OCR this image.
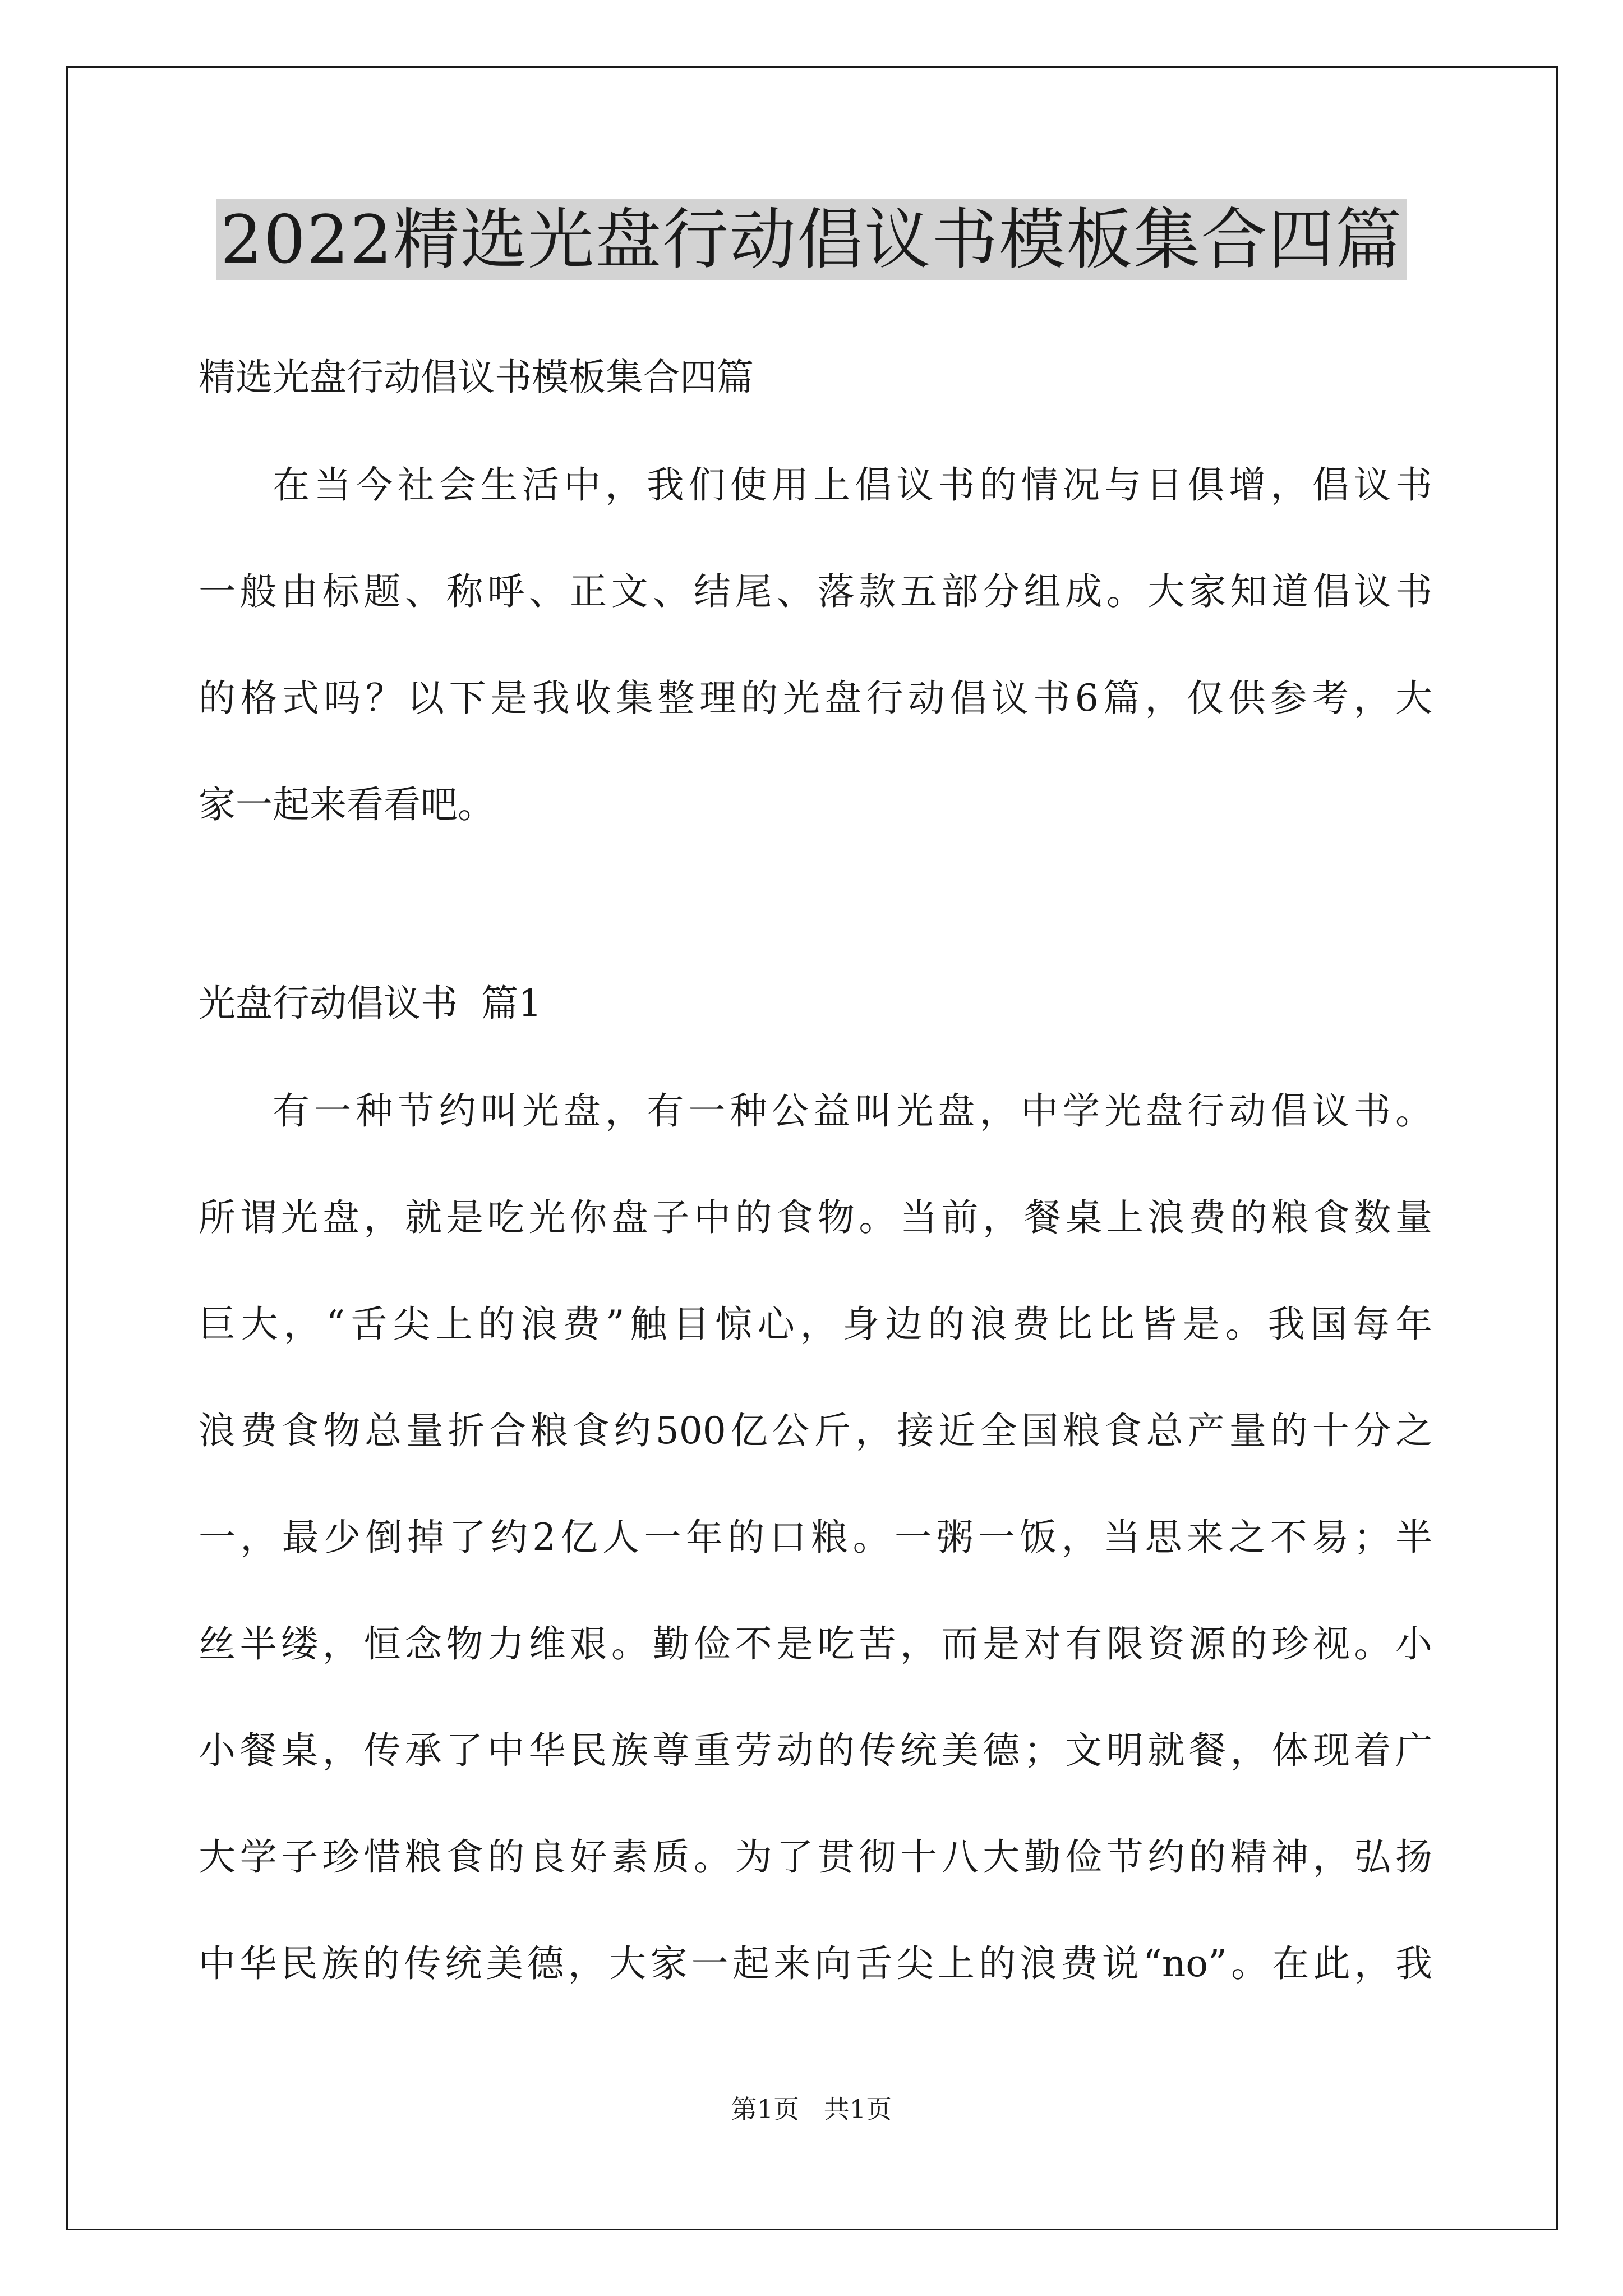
2022精选光盘行动倡议书模板集合四篇
精选光盘行动倡议书模板集合四篇
在当今社会生活中，我们使用上倡议书的情况与日俱增，倡议书
一般由标题、称呼、正文、结尾、落款五部分组成。大家知道倡议书
的格式吗？以下是我收集整理的光盘行动倡议书6篇，仅供参考，大
家一起来看看吧。
光盘行动倡议书  篇1
有一种节约叫光盘，有一种公益叫光盘，中学光盘行动倡议书。
所谓光盘，就是吃光你盘子中的食物。当前，餐桌上浪费的粮食数量
巨大，“舌尖上的浪费”触目惊心，身边的浪费比比皆是。我国每年
浪费食物总量折合粮食约500亿公斤，接近全国粮食总产量的十分之
一，最少倒掉了约2亿人一年的口粮。一粥一饭，当思来之不易；半
丝半缕，恒念物力维艰。勤俭不是吃苦，而是对有限资源的珍视。小
小餐桌，传承了中华民族尊重劳动的传统美德；文明就餐，体现着广
大学子珍惜粮食的良好素质。为了贯彻十八大勤俭节约的精神，弘扬
中华民族的传统美德，大家一起来向舌尖上的浪费说“no”。在此，我
第1页   共1页
